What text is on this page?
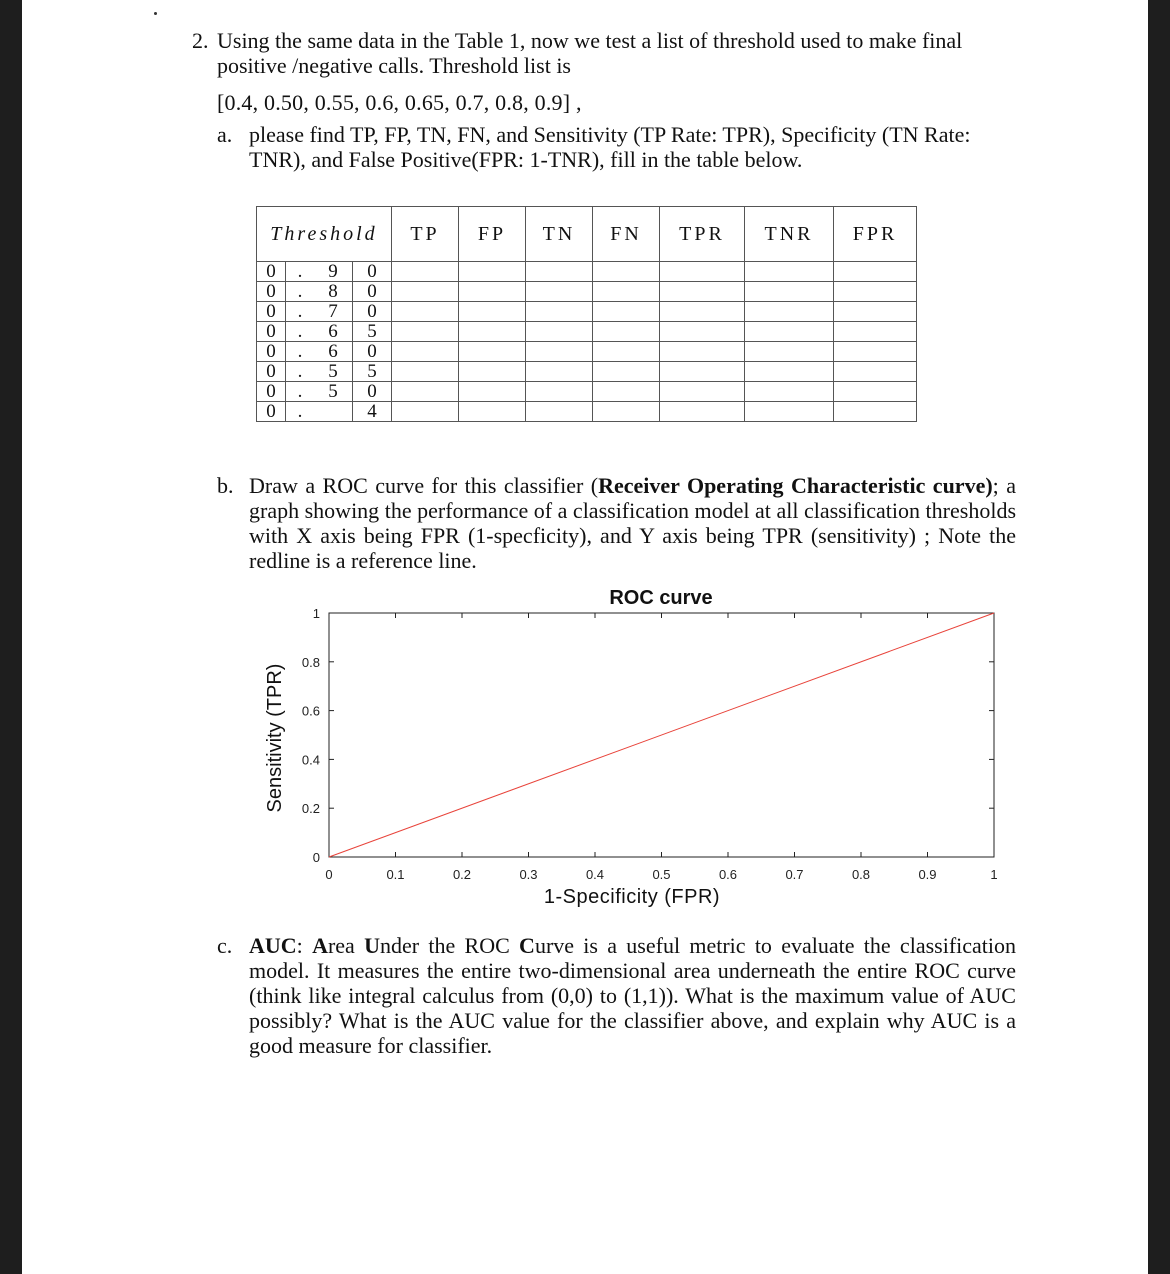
2. Using the same data in the Table 1, now we test a list of threshold used to make final positive /negative calls. Threshold list is
[0.4, 0.50, 0.55, 0.6, 0.65, 0.7, 0.8, 0.9] ,
a. please find TP, FP, TN, FN, and Sensitivity (TP Rate: TPR), Specificity (TN Rate: TNR), and False Positive(FPR: 1-TNR), fill in the table below.
Threshold	TP	FP	TN	FN	TPR	TNR	FPR

0 . 9 0							

0 . 8 0							

0 . 7 0							

0 . 6 5							

0 . 6 0							

0 . 5 5							

0 . 5 0							

0 . 4							

b. Draw a ROC curve for this classifier (Receiver Operating Characteristic curve); a graph showing the performance of a classification model at all classification thresholds with X axis being FPR (1-specficity), and Y axis being TPR (sensitivity) ; Note the redline is a reference line.
ROC curve
0	0.1	0.2	0.3	0.4	0.5	0.6	0.7	0.8	0.9	1
0
0.2
0.4
0.6
0.8
1
1-Specificity (FPR)
Sensitivity (TPR)
c. AUC: Area Under the ROC Curve is a useful metric to evaluate the classification model. It measures the entire two-dimensional area underneath the entire ROC curve (think like integral calculus from (0,0) to (1,1)). What is the maximum value of AUC possibly? What is the AUC value for the classifier above, and explain why AUC is a good measure for classifier.
